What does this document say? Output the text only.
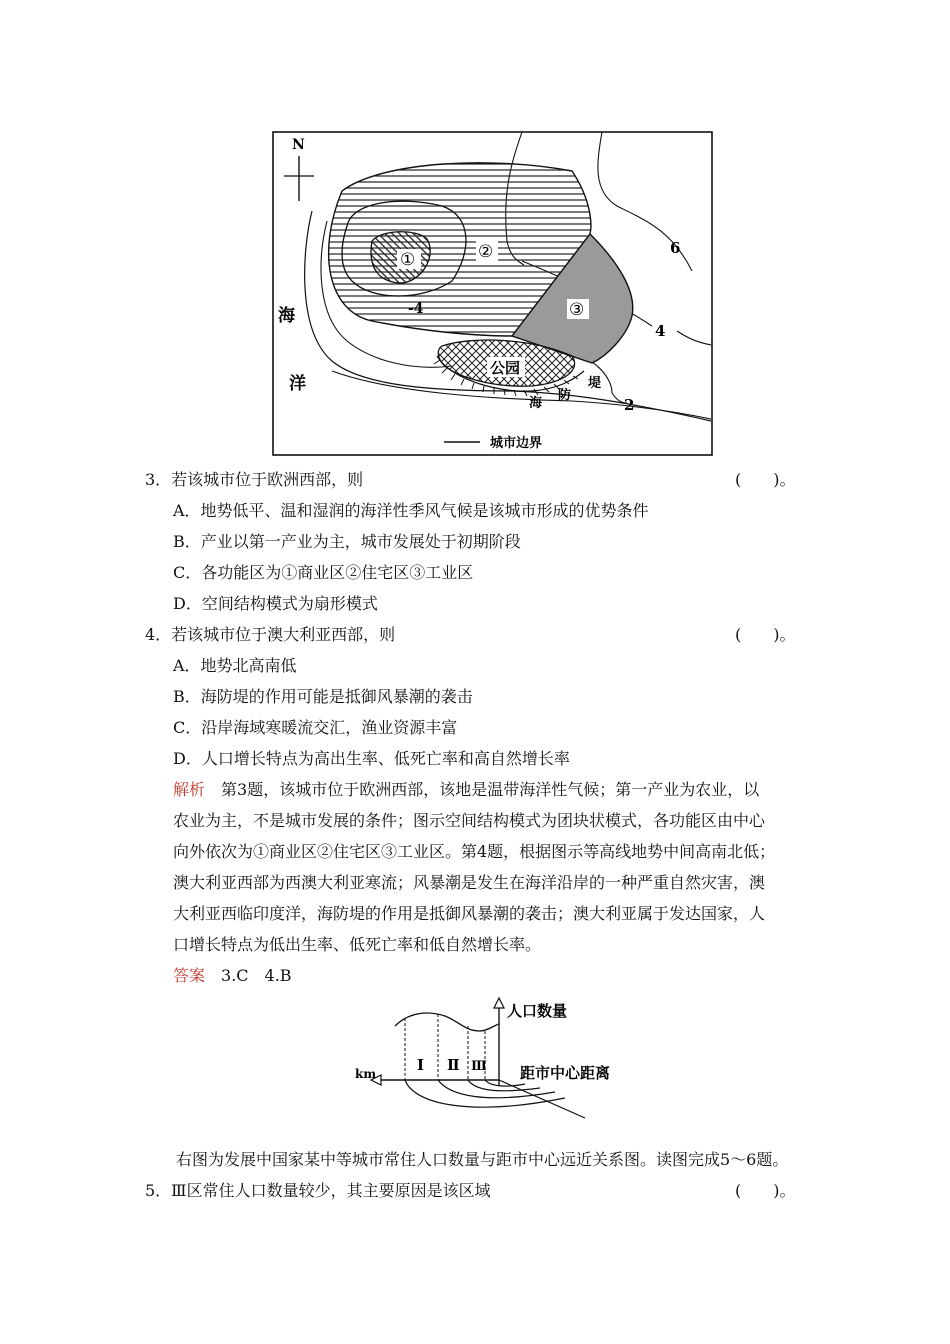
N
海
洋
①	②
③
-4
6
4
2
公园
海
防
堤
城市边界
3．若该城市位于欧洲西部，则	(　　)。
A．地势低平、温和湿润的海洋性季风气候是该城市形成的优势条件
B．产业以第一产业为主，城市发展处于初期阶段
C．各功能区为①商业区②住宅区③工业区
D．空间结构模式为扇形模式
4．若该城市位于澳大利亚西部，则	(　　)。
A．地势北高南低
B．海防堤的作用可能是抵御风暴潮的袭击
C．沿岸海域寒暖流交汇，渔业资源丰富
D．人口增长特点为高出生率、低死亡率和高自然增长率
解析　第3题，该城市位于欧洲西部，该地是温带海洋性气候；第一产业为农业，以
农业为主，不是城市发展的条件；图示空间结构模式为团块状模式，各功能区由中心
向外依次为①商业区②住宅区③工业区。第4题，根据图示等高线地势中间高南北低；
澳大利亚西部为西澳大利亚寒流；风暴潮是发生在海洋沿岸的一种严重自然灾害，澳
大利亚西临印度洋，海防堤的作用是抵御风暴潮的袭击；澳大利亚属于发达国家，人
口增长特点为低出生率、低死亡率和低自然增长率。
答案　3.C　4.B
km	Ⅰ Ⅱ Ⅲ
人口数量
距市中心距离
右图为发展中国家某中等城市常住人口数量与距市中心远近关系图。读图完成5～6题。
5．Ⅲ区常住人口数量较少，其主要原因是该区域	(　　)。
